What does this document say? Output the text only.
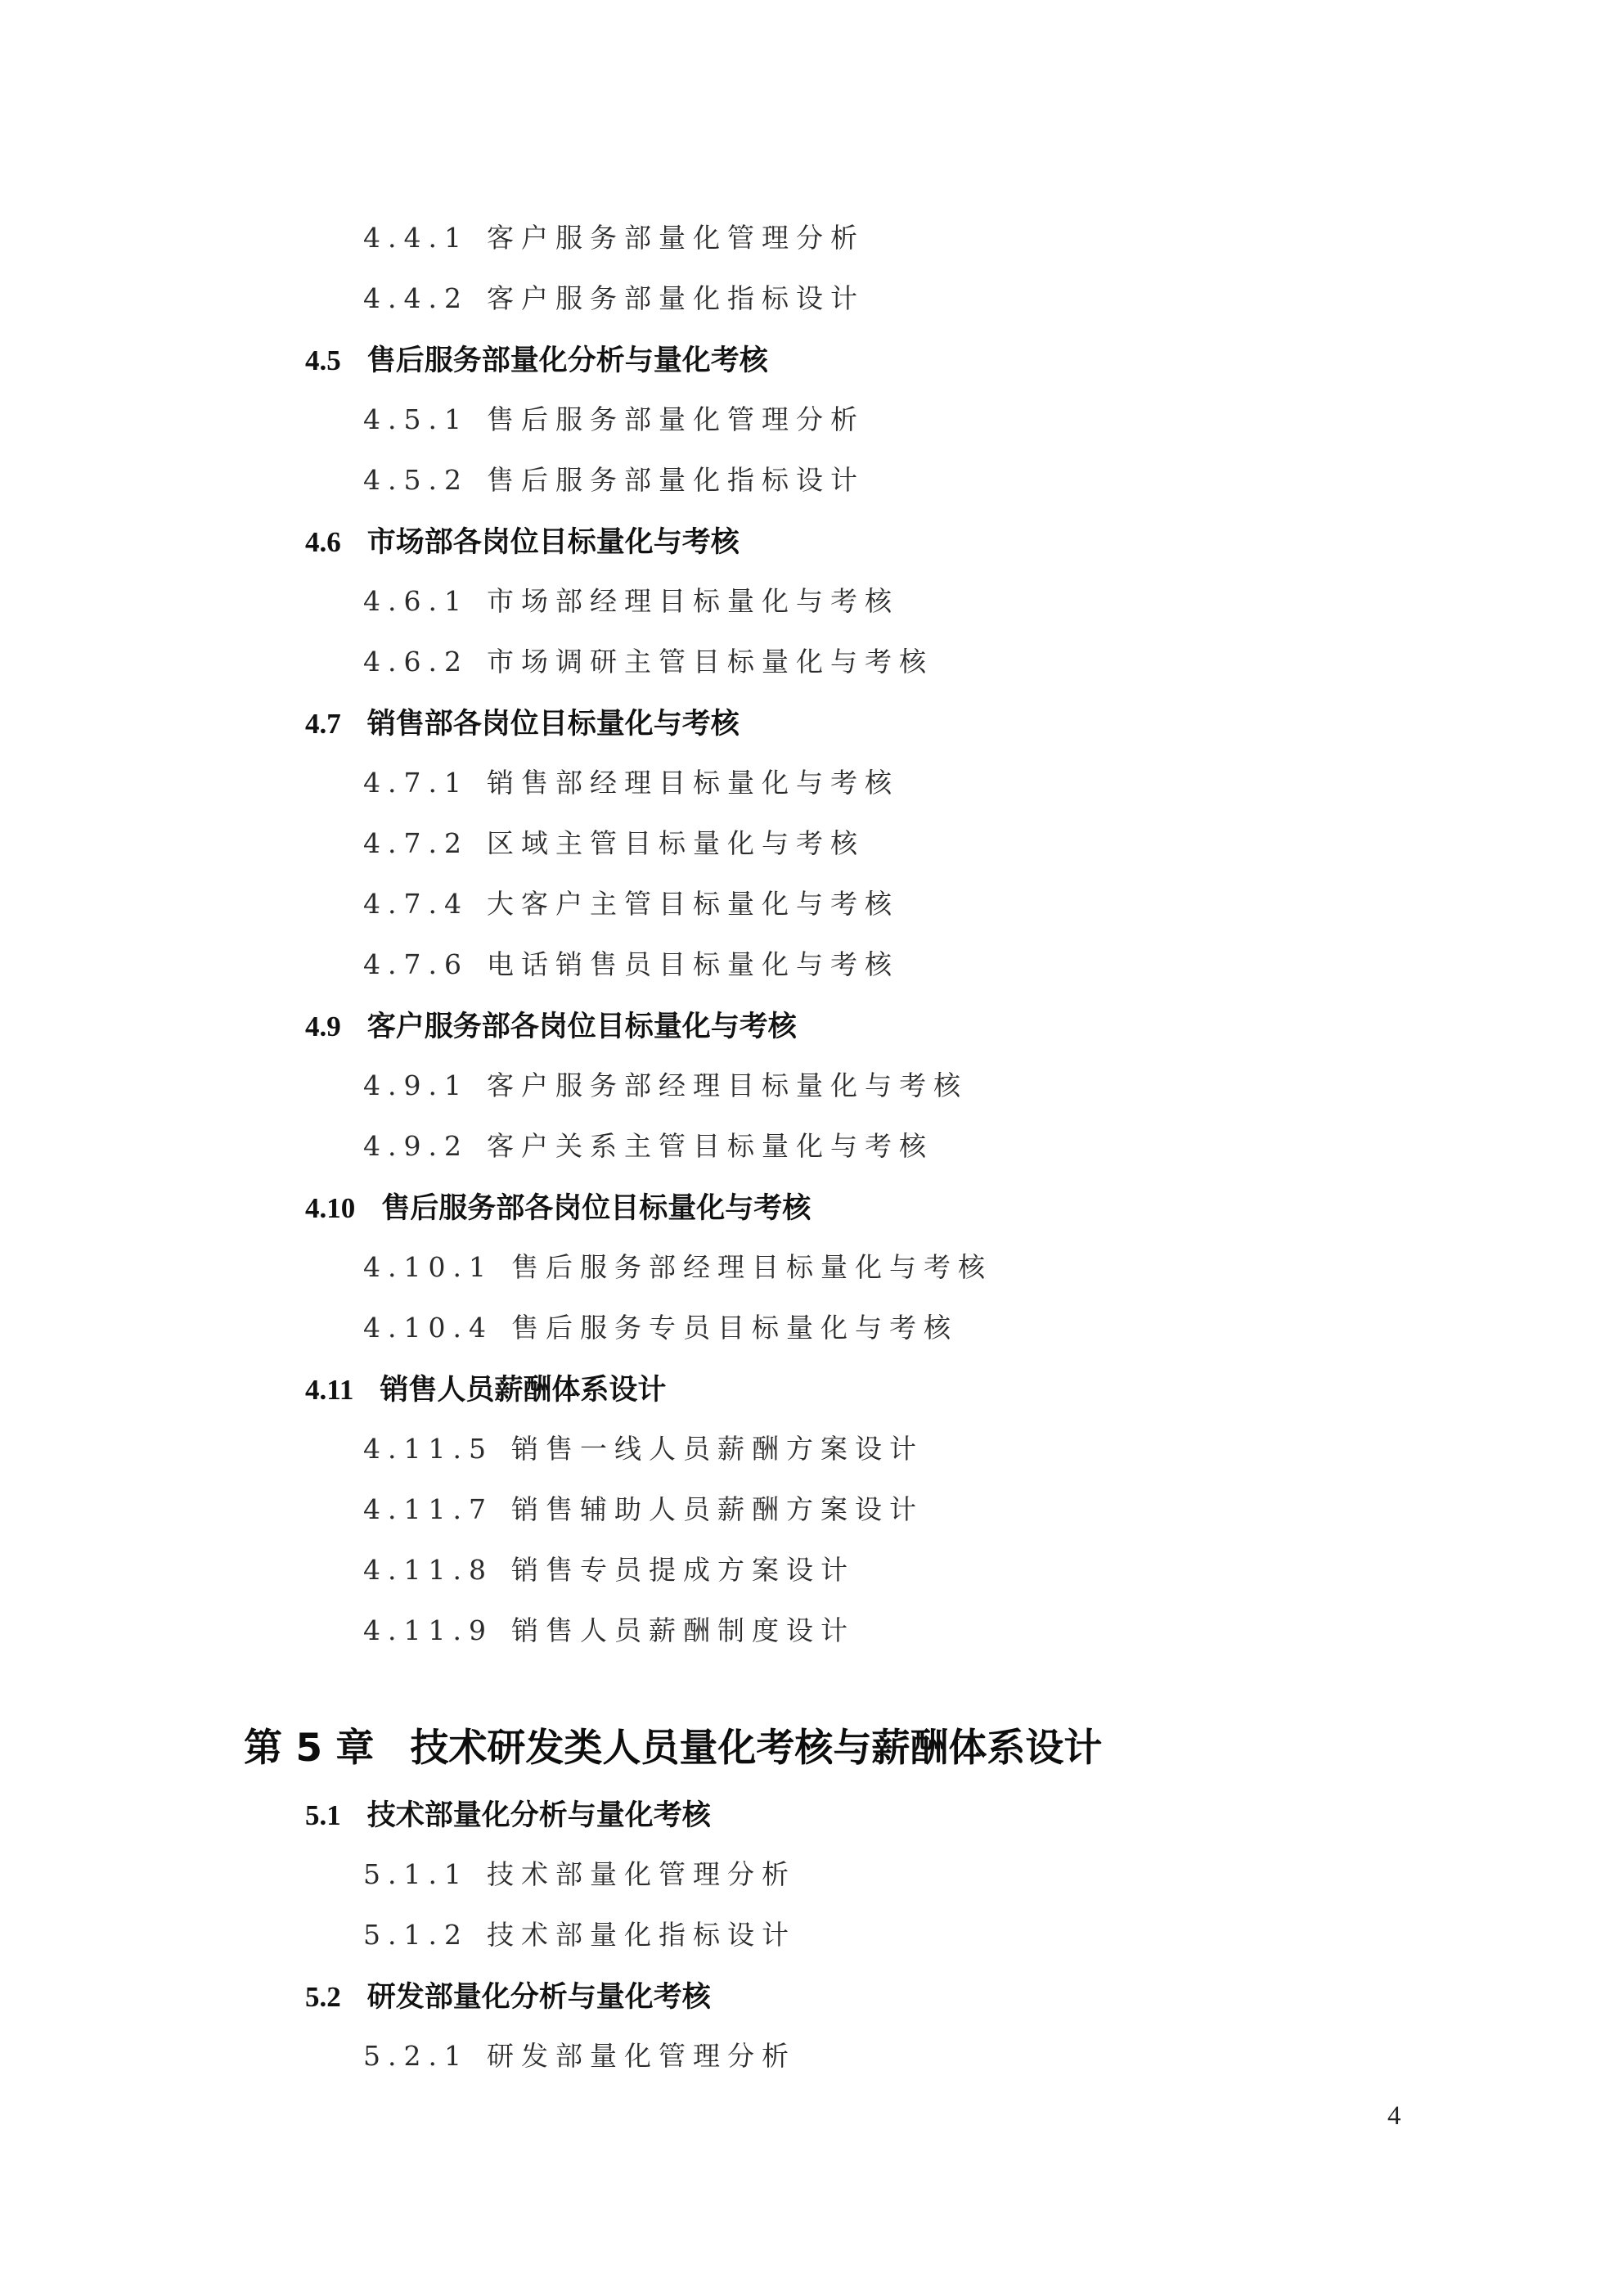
4.4.1 客户服务部量化管理分析
4.4.2 客户服务部量化指标设计
4.5 售后服务部量化分析与量化考核
4.5.1 售后服务部量化管理分析
4.5.2 售后服务部量化指标设计
4.6 市场部各岗位目标量化与考核
4.6.1 市场部经理目标量化与考核
4.6.2 市场调研主管目标量化与考核
4.7 销售部各岗位目标量化与考核
4.7.1 销售部经理目标量化与考核
4.7.2 区域主管目标量化与考核
4.7.4 大客户主管目标量化与考核
4.7.6 电话销售员目标量化与考核
4.9 客户服务部各岗位目标量化与考核
4.9.1 客户服务部经理目标量化与考核
4.9.2 客户关系主管目标量化与考核
4.10 售后服务部各岗位目标量化与考核
4.10.1 售后服务部经理目标量化与考核
4.10.4 售后服务专员目标量化与考核
4.11 销售人员薪酬体系设计
4.11.5 销售一线人员薪酬方案设计
4.11.7 销售辅助人员薪酬方案设计
4.11.8 销售专员提成方案设计
4.11.9 销售人员薪酬制度设计
第 5 章 技术研发类人员量化考核与薪酬体系设计
5.1 技术部量化分析与量化考核
5.1.1 技术部量化管理分析
5.1.2 技术部量化指标设计
5.2 研发部量化分析与量化考核
5.2.1 研发部量化管理分析
4
